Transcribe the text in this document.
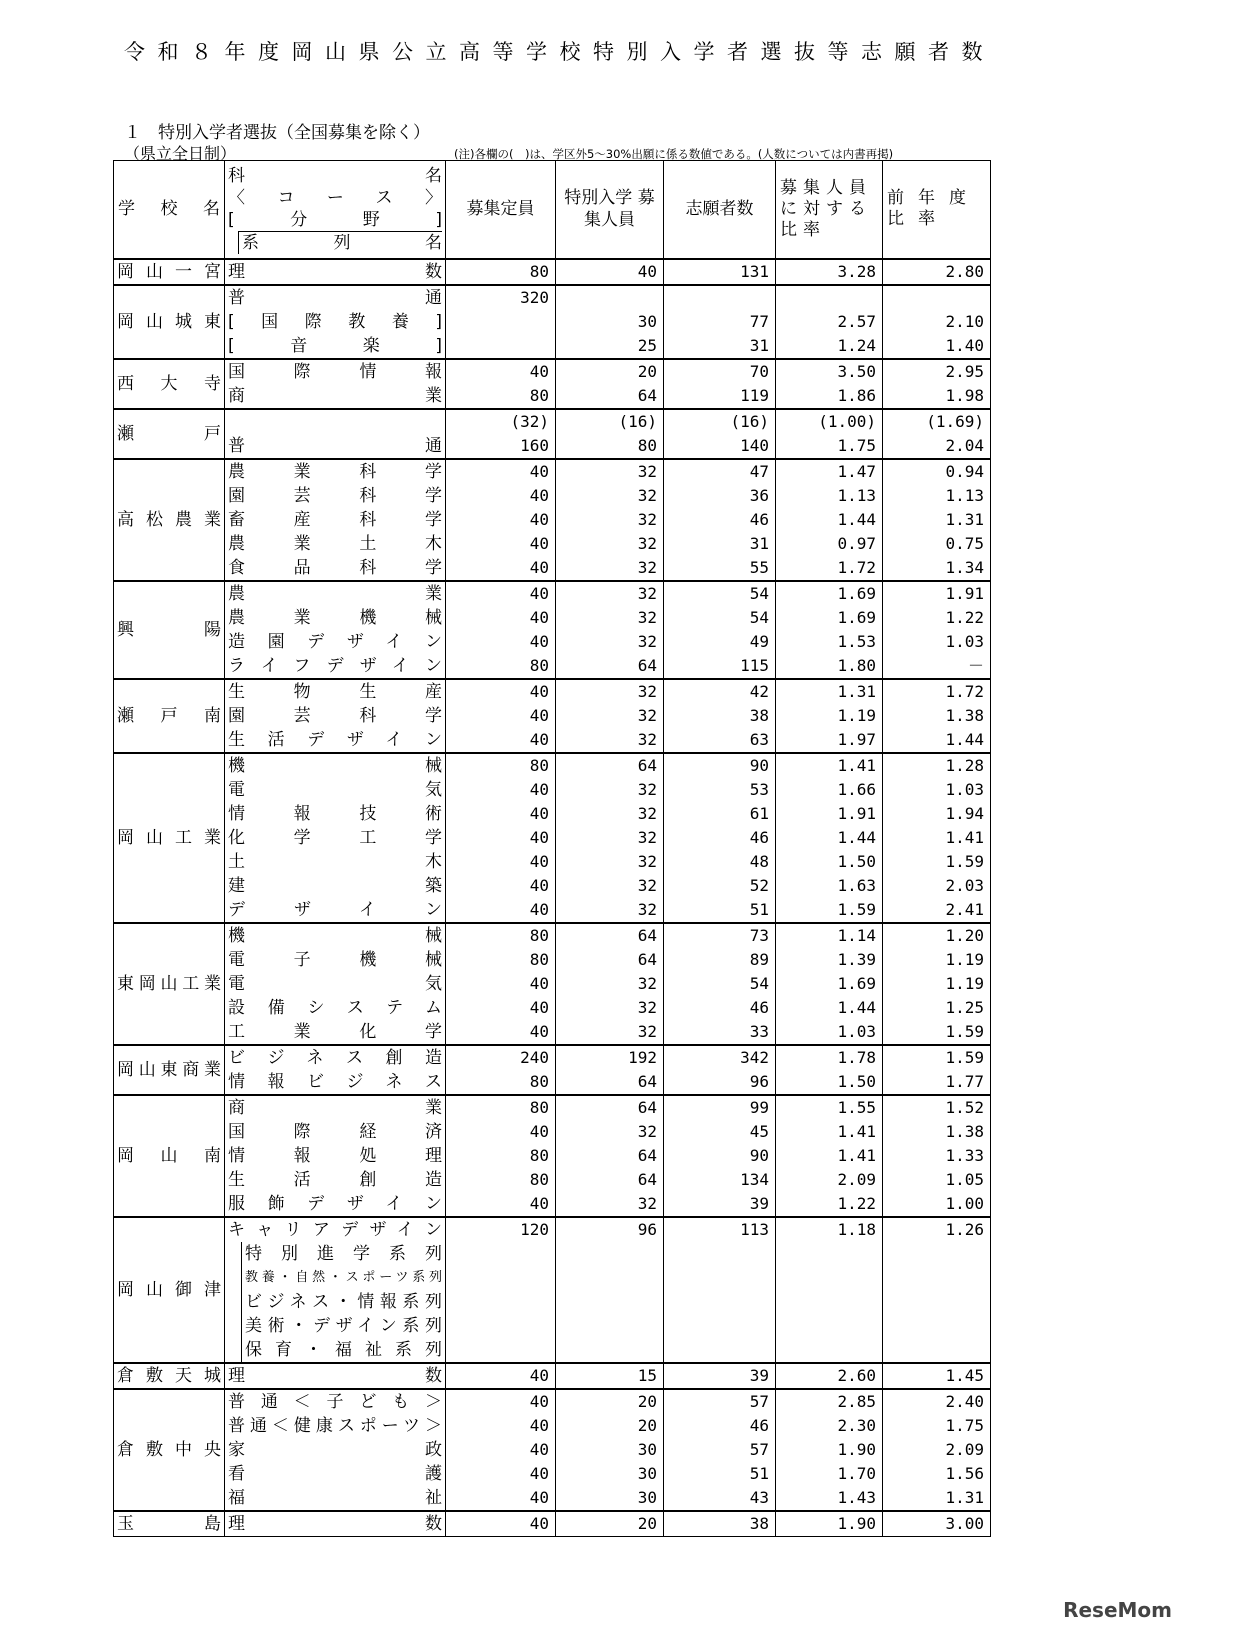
令和８年度岡山県公立高等学校特別入学者選抜等志願者数
１　特別入学者選抜（全国募集を除く）
（県立全日制）	(注)各欄の(　)は、学区外5～30%出願に係る数値である。(人数については内書再掲)
学校名	科名
〈コース〉
[分野]
系列名	募集定員	特別入学 募集人員	志願者数	募集人員に対する比率	前年度比率

岡山一宮	理数	80	40	131	3.28	2.80

岡山城東	普通	320				

	[国際教養]		30	77	2.57	2.10

	[音楽]		25	31	1.24	1.40

西大寺	国際情報	40	20	70	3.50	2.95

	商業	80	64	119	1.86	1.98

瀬戸		(32)	(16)	(16)	(1.00)	(1.69)

	普通	160	80	140	1.75	2.04

高松農業	農業科学	40	32	47	1.47	0.94

	園芸科学	40	32	36	1.13	1.13

	畜産科学	40	32	46	1.44	1.31

	農業土木	40	32	31	0.97	0.75

	食品科学	40	32	55	1.72	1.34

興陽	農業	40	32	54	1.69	1.91

	農業機械	40	32	54	1.69	1.22

	造園デザイン	40	32	49	1.53	1.03

	ライフデザイン	80	64	115	1.80	－

瀬戸南	生物生産	40	32	42	1.31	1.72

	園芸科学	40	32	38	1.19	1.38

	生活デザイン	40	32	63	1.97	1.44

岡山工業	機械	80	64	90	1.41	1.28

	電気	40	32	53	1.66	1.03

	情報技術	40	32	61	1.91	1.94

	化学工学	40	32	46	1.44	1.41

	土木	40	32	48	1.50	1.59

	建築	40	32	52	1.63	2.03

	デザイン	40	32	51	1.59	2.41

東岡山工業	機械	80	64	73	1.14	1.20

	電子機械	80	64	89	1.39	1.19

	電気	40	32	54	1.69	1.19

	設備システム	40	32	46	1.44	1.25

	工業化学	40	32	33	1.03	1.59

岡山東商業	ビジネス創造	240	192	342	1.78	1.59

	情報ビジネス	80	64	96	1.50	1.77

岡山南	商業	80	64	99	1.55	1.52

	国際経済	40	32	45	1.41	1.38

	情報処理	80	64	90	1.41	1.33

	生活創造	80	64	134	2.09	1.05

	服飾デザイン	40	32	39	1.22	1.00

岡山御津	キャリアデザイン	120	96	113	1.18	1.26

	特別進学系列					

	教養・自然・スポーツ系列					

	ビジネス・情報系列					

	美術・デザイン系列					

	保育・福祉系列					

倉敷天城	理数	40	15	39	2.60	1.45

倉敷中央	普通＜子ども＞	40	20	57	2.85	2.40

	普通＜健康スポーツ＞	40	20	46	2.30	1.75

	家政	40	30	57	1.90	2.09

	看護	40	30	51	1.70	1.56

	福祉	40	30	43	1.43	1.31

玉島	理数	40	20	38	1.90	3.00
ReseMom
